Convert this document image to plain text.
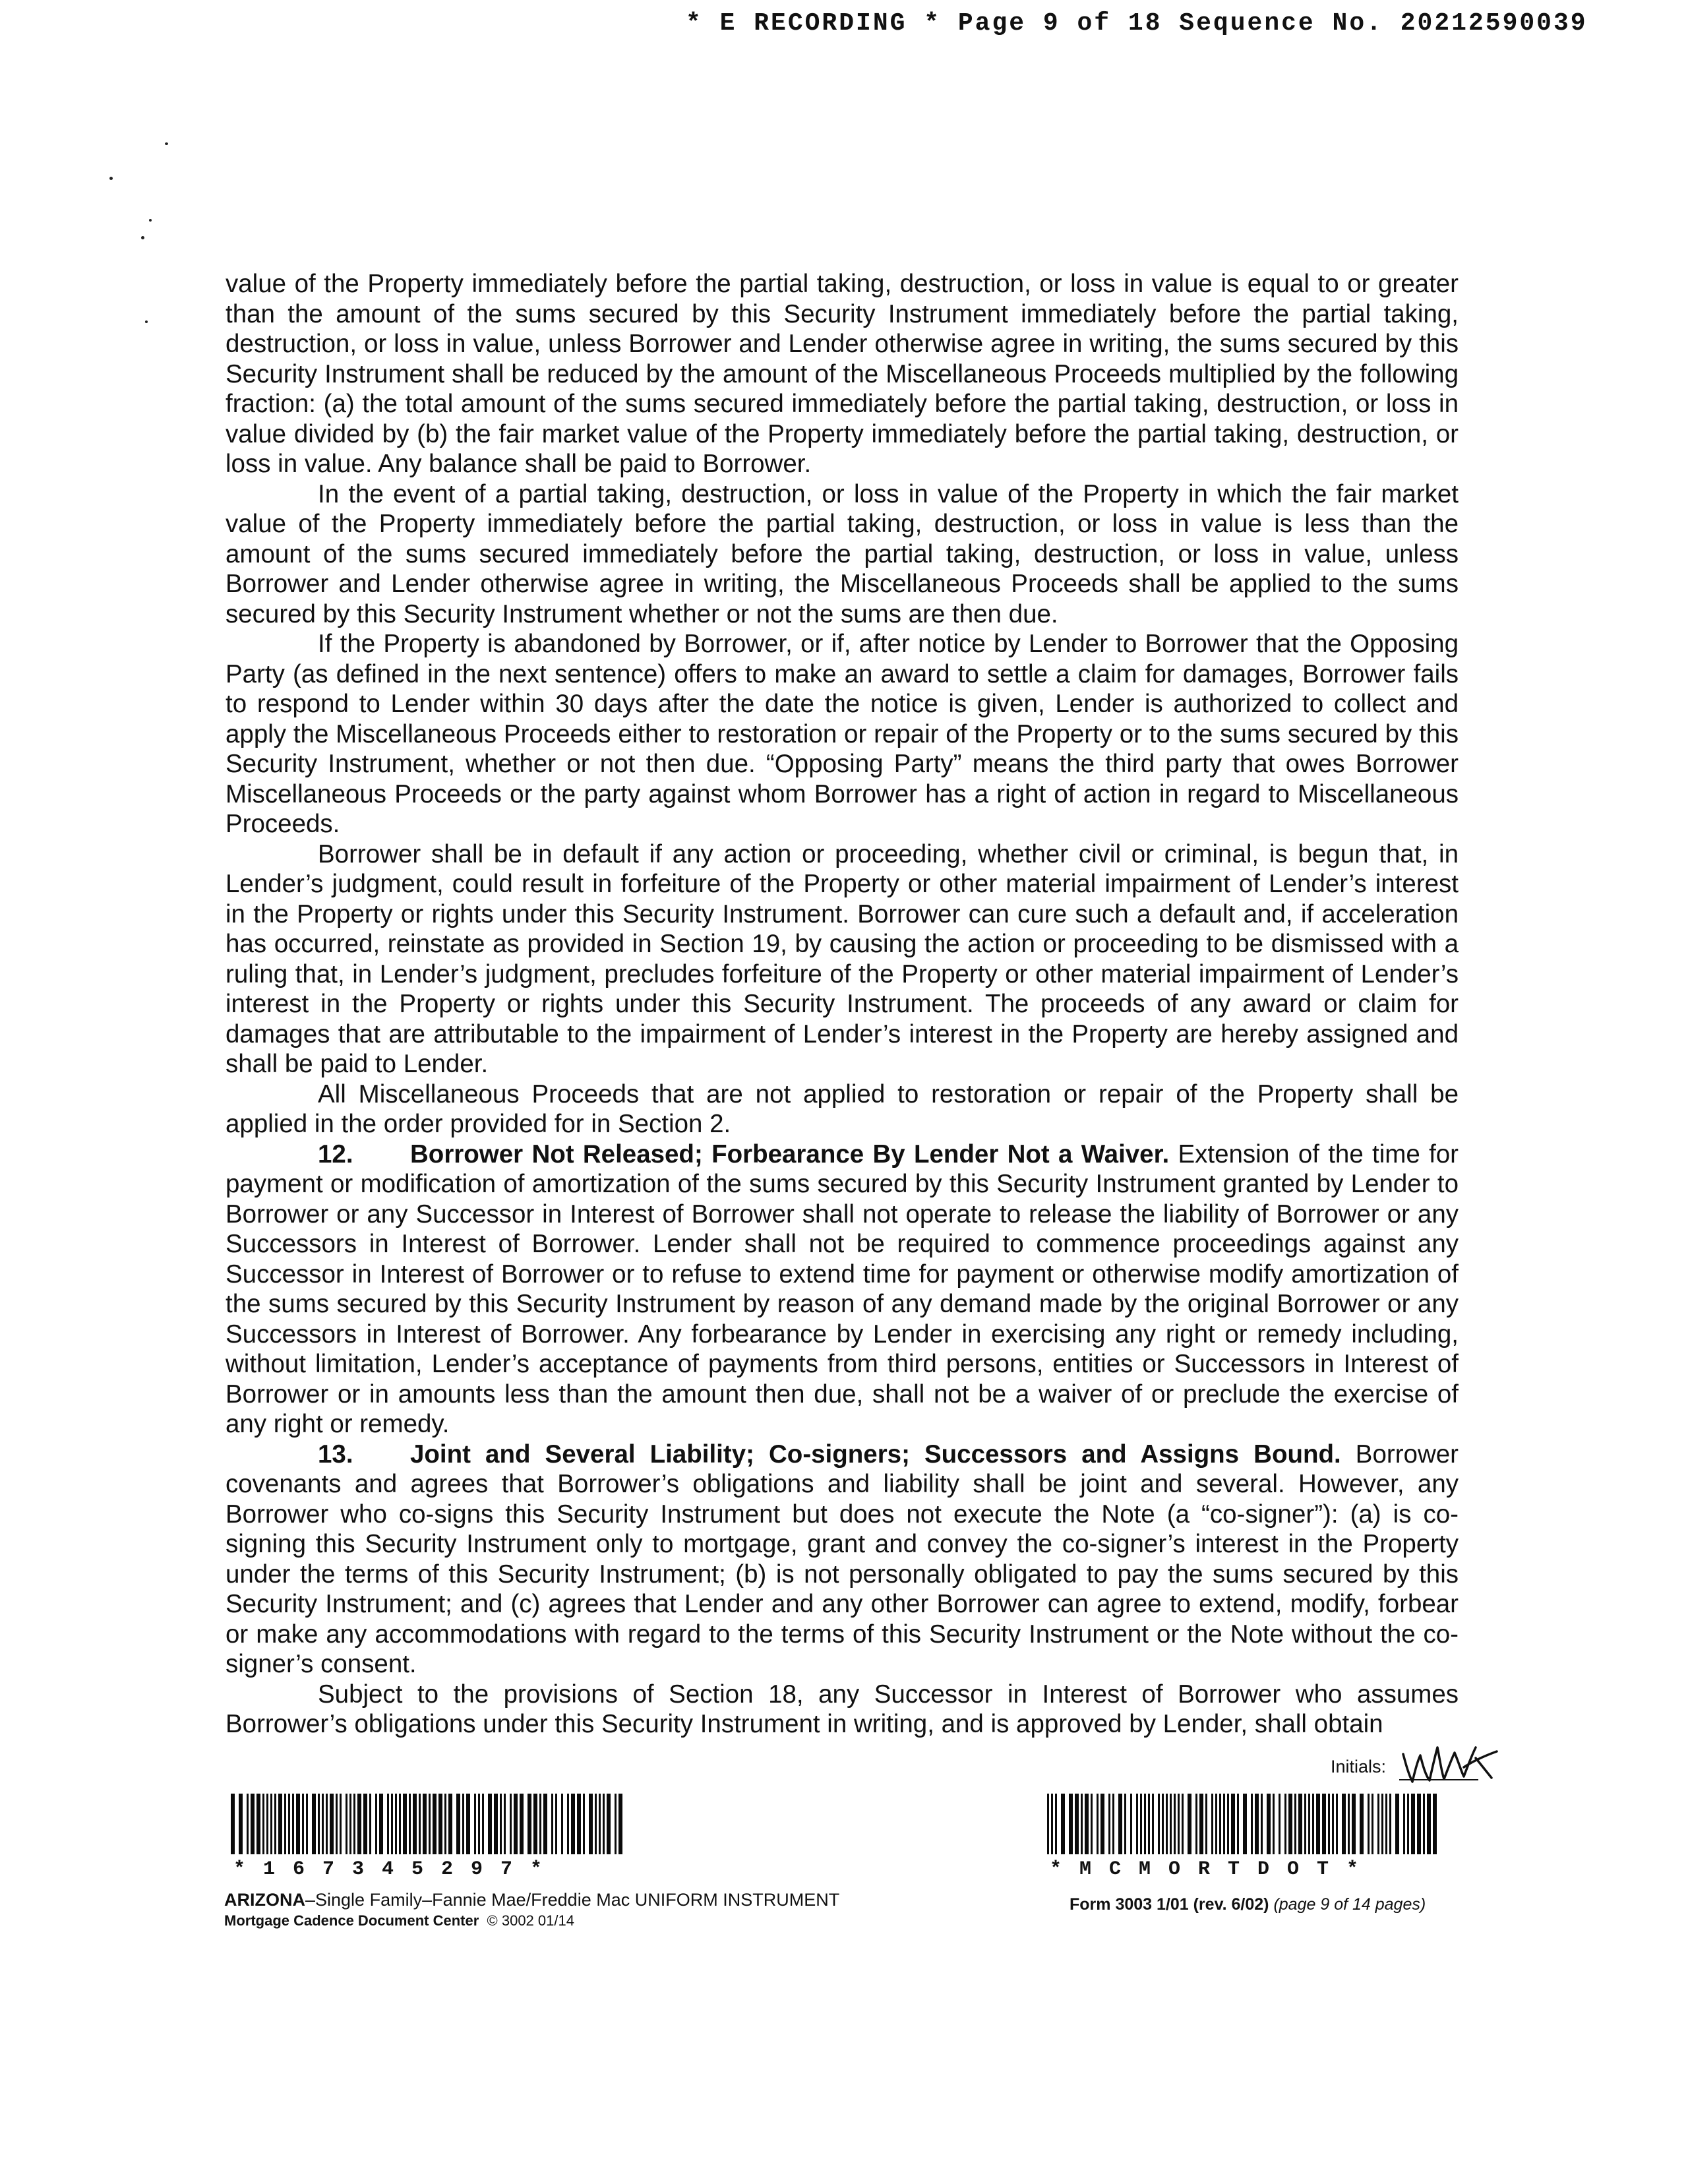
* E RECORDING * Page 9 of 18 Sequence No. 20212590039

value of the Property immediately before the partial taking, destruction, or loss in value is equal to or greater than the amount of the sums secured by this Security Instrument immediately before the partial taking, destruction, or loss in value, unless Borrower and Lender otherwise agree in writing, the sums secured by this Security Instrument shall be reduced by the amount of the Miscellaneous Proceeds multiplied by the following fraction: (a) the total amount of the sums secured immediately before the partial taking, destruction, or loss in value divided by (b) the fair market value of the Property immediately before the partial taking, destruction, or loss in value. Any balance shall be paid to Borrower.

In the event of a partial taking, destruction, or loss in value of the Property in which the fair market value of the Property immediately before the partial taking, destruction, or loss in value is less than the amount of the sums secured immediately before the partial taking, destruction, or loss in value, unless Borrower and Lender otherwise agree in writing, the Miscellaneous Proceeds shall be applied to the sums secured by this Security Instrument whether or not the sums are then due.

If the Property is abandoned by Borrower, or if, after notice by Lender to Borrower that the Opposing Party (as defined in the next sentence) offers to make an award to settle a claim for damages, Borrower fails to respond to Lender within 30 days after the date the notice is given, Lender is authorized to collect and apply the Miscellaneous Proceeds either to restoration or repair of the Property or to the sums secured by this Security Instrument, whether or not then due. “Opposing Party” means the third party that owes Borrower Miscellaneous Proceeds or the party against whom Borrower has a right of action in regard to Miscellaneous Proceeds.

Borrower shall be in default if any action or proceeding, whether civil or criminal, is begun that, in Lender’s judgment, could result in forfeiture of the Property or other material impairment of Lender’s interest in the Property or rights under this Security Instrument. Borrower can cure such a default and, if acceleration has occurred, reinstate as provided in Section 19, by causing the action or proceeding to be dismissed with a ruling that, in Lender’s judgment, precludes forfeiture of the Property or other material impairment of Lender’s interest in the Property or rights under this Security Instrument. The proceeds of any award or claim for damages that are attributable to the impairment of Lender’s interest in the Property are hereby assigned and shall be paid to Lender.

All Miscellaneous Proceeds that are not applied to restoration or repair of the Property shall be applied in the order provided for in Section 2.

12. Borrower Not Released; Forbearance By Lender Not a Waiver. Extension of the time for payment or modification of amortization of the sums secured by this Security Instrument granted by Lender to Borrower or any Successor in Interest of Borrower shall not operate to release the liability of Borrower or any Successors in Interest of Borrower. Lender shall not be required to commence proceedings against any Successor in Interest of Borrower or to refuse to extend time for payment or otherwise modify amortization of the sums secured by this Security Instrument by reason of any demand made by the original Borrower or any Successors in Interest of Borrower. Any forbearance by Lender in exercising any right or remedy including, without limitation, Lender’s acceptance of payments from third persons, entities or Successors in Interest of Borrower or in amounts less than the amount then due, shall not be a waiver of or preclude the exercise of any right or remedy.

13. Joint and Several Liability; Co-signers; Successors and Assigns Bound. Borrower covenants and agrees that Borrower’s obligations and liability shall be joint and several. However, any Borrower who co-signs this Security Instrument but does not execute the Note (a “co-signer”): (a) is co-signing this Security Instrument only to mortgage, grant and convey the co-signer’s interest in the Property under the terms of this Security Instrument; (b) is not personally obligated to pay the sums secured by this Security Instrument; and (c) agrees that Lender and any other Borrower can agree to extend, modify, forbear or make any accommodations with regard to the terms of this Security Instrument or the Note without the co-signer’s consent.

Subject to the provisions of Section 18, any Successor in Interest of Borrower who assumes Borrower’s obligations under this Security Instrument in writing, and is approved by Lender, shall obtain

Initials:
*167345297*	*MCMORTDOT*
ARIZONA–Single Family–Fannie Mae/Freddie Mac UNIFORM INSTRUMENT
Mortgage Cadence Document Center © 3002 01/14
Form 3003 1/01 (rev. 6/02) (page 9 of 14 pages)
